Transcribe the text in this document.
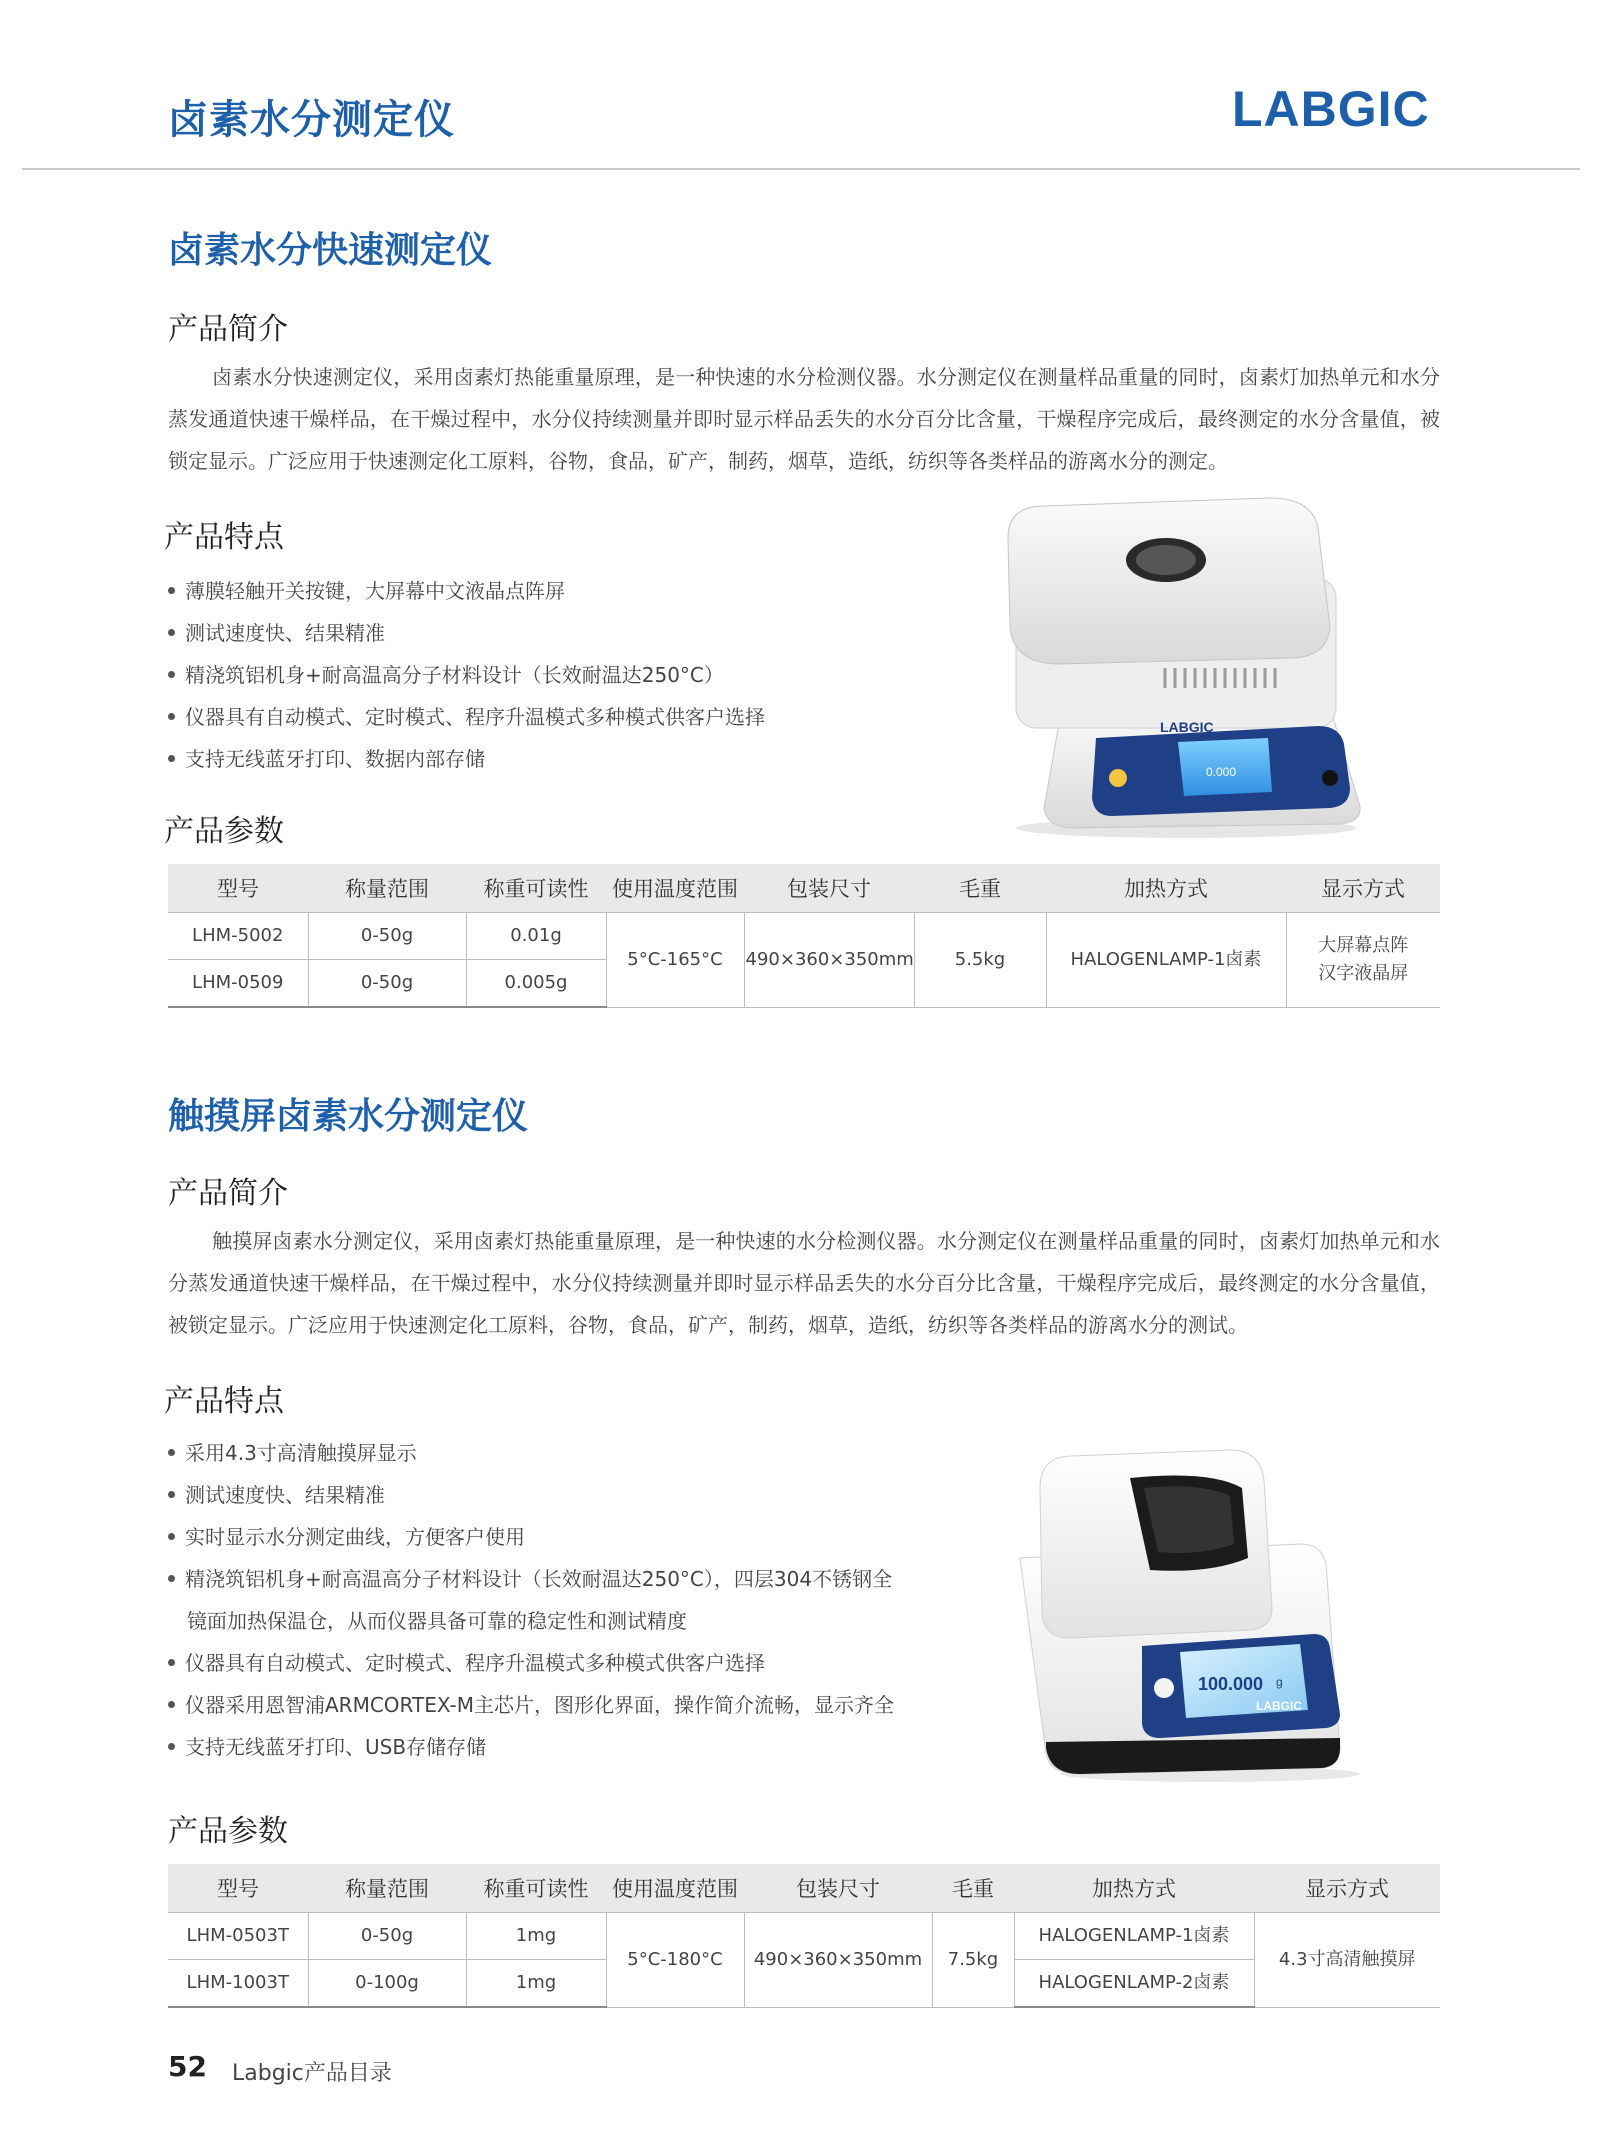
卤素水分测定仪	LABGIC
卤素水分快速测定仪
产品简介
卤素水分快速测定仪，采用卤素灯热能重量原理，是一种快速的水分检测仪器。水分测定仪在测量样品重量的同时，卤素灯加热单元和水分蒸发通道快速干燥样品，在干燥过程中，水分仪持续测量并即时显示样品丢失的水分百分比含量，干燥程序完成后，最终测定的水分含量值，被锁定显示。广泛应用于快速测定化工原料，谷物，食品，矿产，制药，烟草，造纸，纺织等各类样品的游离水分的测定。
产品特点
薄膜轻触开关按键，大屏幕中文液晶点阵屏
测试速度快、结果精准
精浇筑铝机身+耐高温高分子材料设计（长效耐温达250°C）
仪器具有自动模式、定时模式、程序升温模式多种模式供客户选择
支持无线蓝牙打印、数据内部存储
LABGIC
0.000
产品参数
型号	称量范围	称重可读性	使用温度范围	包装尺寸	毛重	加热方式	显示方式
LHM-5002	0-50g	0.01g	5°C-165°C	490×360×350mm	5.5kg	HALOGENLAMP-1卤素	大屏幕点阵
汉字液晶屏
LHM-0509	0-50g	0.005g					
触摸屏卤素水分测定仪
产品简介
触摸屏卤素水分测定仪，采用卤素灯热能重量原理，是一种快速的水分检测仪器。水分测定仪在测量样品重量的同时，卤素灯加热单元和水分蒸发通道快速干燥样品，在干燥过程中，水分仪持续测量并即时显示样品丢失的水分百分比含量，干燥程序完成后，最终测定的水分含量值，被锁定显示。广泛应用于快速测定化工原料，谷物，食品，矿产，制药，烟草，造纸，纺织等各类样品的游离水分的测试。
产品特点
采用4.3寸高清触摸屏显示
测试速度快、结果精准
实时显示水分测定曲线，方便客户使用
精浇筑铝机身+耐高温高分子材料设计（长效耐温达250°C），四层304不锈钢全
镜面加热保温仓，从而仪器具备可靠的稳定性和测试精度
仪器具有自动模式、定时模式、程序升温模式多种模式供客户选择
仪器采用恩智浦ARMCORTEX-M主芯片，图形化界面，操作简介流畅，显示齐全
支持无线蓝牙打印、USB存储存储
100.000 g
LABGIC
产品参数
型号	称量范围	称重可读性	使用温度范围	包装尺寸	毛重	加热方式	显示方式
LHM-0503T	0-50g	1mg	5°C-180°C	490×360×350mm	7.5kg	HALOGENLAMP-1卤素	4.3寸高清触摸屏
LHM-1003T	0-100g	1mg				HALOGENLAMP-2卤素	
52 Labgic产品目录
